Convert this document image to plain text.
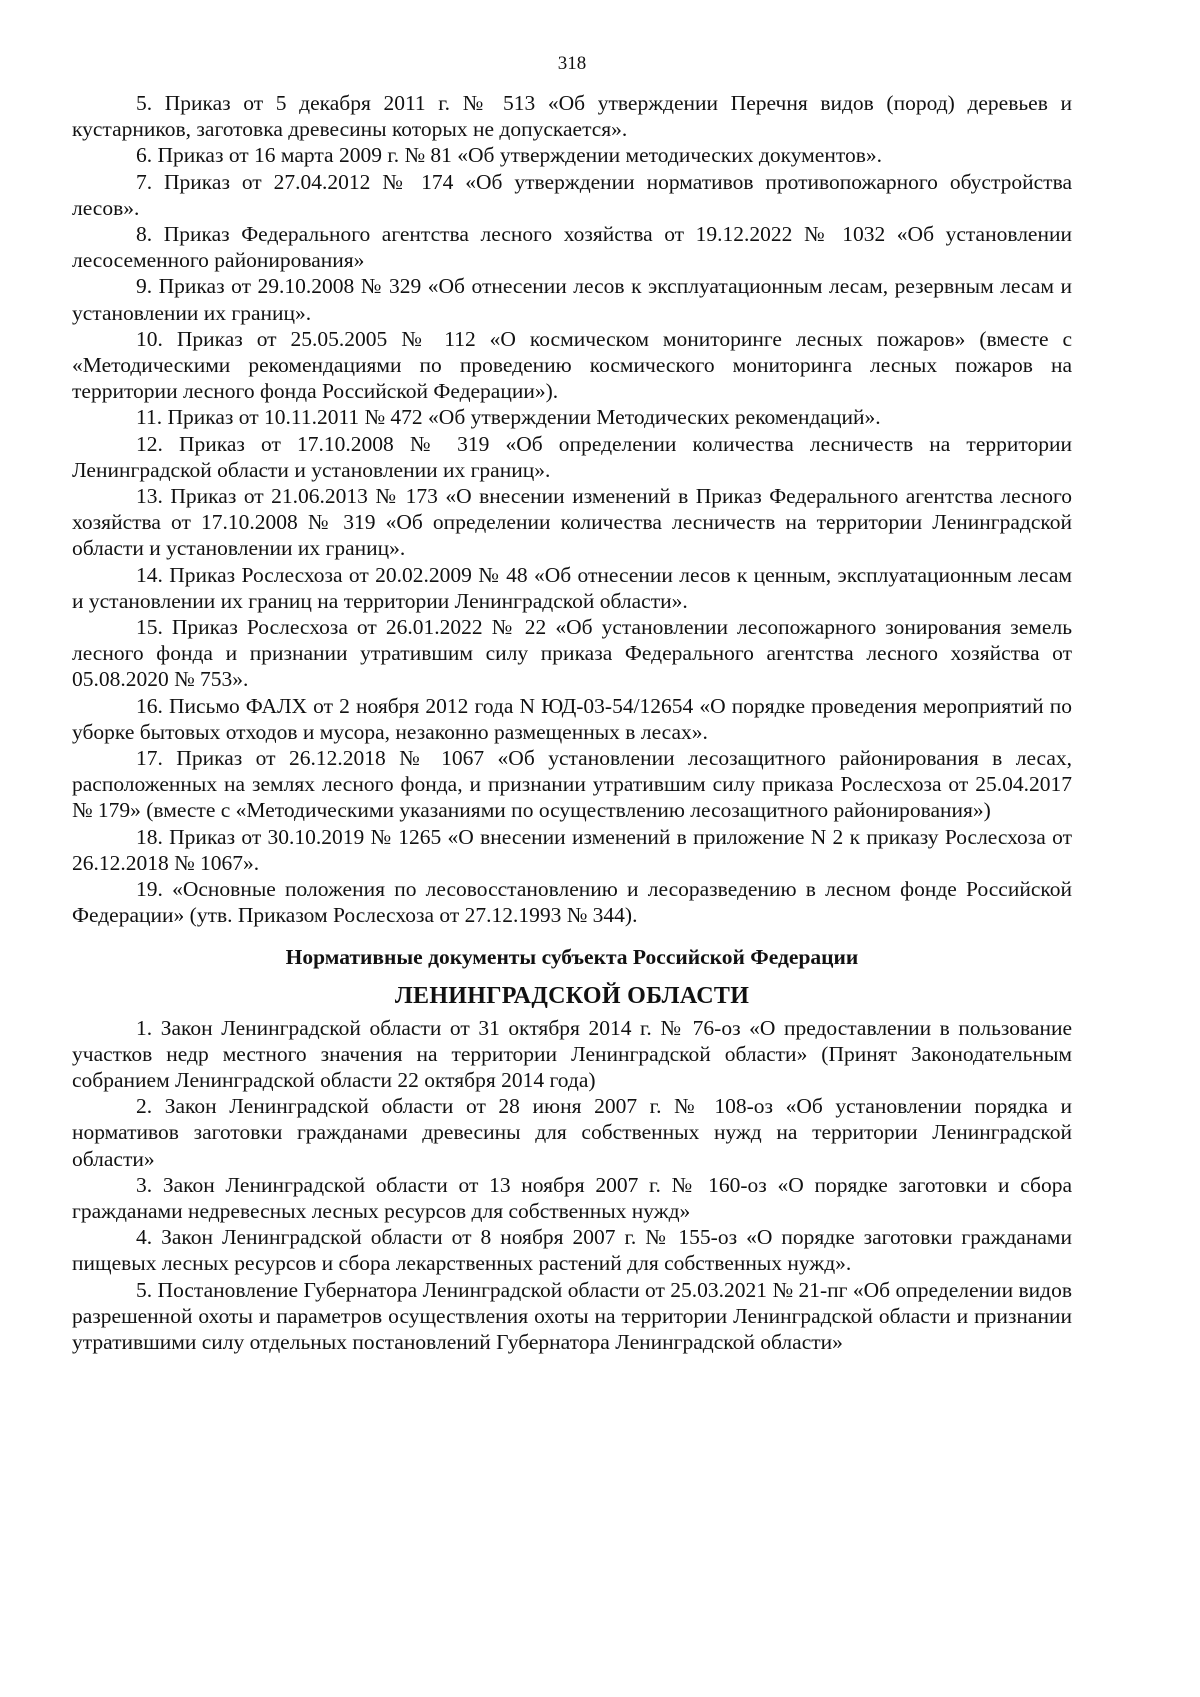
318

5. Приказ от 5 декабря 2011 г. № 513 «Об утверждении Перечня видов (пород) деревьев и кустарников, заготовка древесины которых не допускается».

6. Приказ от 16 марта 2009 г. № 81 «Об утверждении методических документов».

7. Приказ от 27.04.2012 № 174 «Об утверждении нормативов противопожарного обустройства лесов».

8. Приказ Федерального агентства лесного хозяйства от 19.12.2022 № 1032 «Об установлении лесосеменного районирования»

9. Приказ от 29.10.2008 № 329 «Об отнесении лесов к эксплуатационным лесам, резервным лесам и установлении их границ».

10. Приказ от 25.05.2005 № 112 «О космическом мониторинге лесных пожаров» (вместе с «Методическими рекомендациями по проведению космического мониторинга лесных пожаров на территории лесного фонда Российской Федерации»).

11. Приказ от 10.11.2011 № 472 «Об утверждении Методических рекомендаций».

12. Приказ от 17.10.2008 № 319 «Об определении количества лесничеств на территории Ленинградской области и установлении их границ».

13. Приказ от 21.06.2013 № 173 «О внесении изменений в Приказ Федерального агентства лесного хозяйства от 17.10.2008 № 319 «Об определении количества лесничеств на территории Ленинградской области и установлении их границ».

14. Приказ Рослесхоза от 20.02.2009 № 48 «Об отнесении лесов к ценным, эксплуатационным лесам и установлении их границ на территории Ленинградской области».

15. Приказ Рослесхоза от 26.01.2022 № 22 «Об установлении лесопожарного зонирования земель лесного фонда и признании утратившим силу приказа Федерального агентства лесного хозяйства от 05.08.2020 № 753».

16. Письмо ФАЛХ от 2 ноября 2012 года N ЮД-03-54/12654 «О порядке проведения мероприятий по уборке бытовых отходов и мусора, незаконно размещенных в лесах».

17. Приказ от 26.12.2018 № 1067 «Об установлении лесозащитного районирования в лесах, расположенных на землях лесного фонда, и признании утратившим силу приказа Рослесхоза от 25.04.2017 № 179» (вместе с «Методическими указаниями по осуществлению лесозащитного районирования»)

18. Приказ от 30.10.2019 № 1265 «О внесении изменений в приложение N 2 к приказу Рослесхоза от 26.12.2018 № 1067».

19. «Основные положения по лесовосстановлению и лесоразведению в лесном фонде Российской Федерации» (утв. Приказом Рослесхоза от 27.12.1993 № 344).

Нормативные документы субъекта Российской Федерации
ЛЕНИНГРАДСКОЙ ОБЛАСТИ

1. Закон Ленинградской области от 31 октября 2014 г. № 76-оз «О предоставлении в пользование участков недр местного значения на территории Ленинградской области» (Принят Законодательным собранием Ленинградской области 22 октября 2014 года)

2. Закон Ленинградской области от 28 июня 2007 г. № 108-оз «Об установлении порядка и нормативов заготовки гражданами древесины для собственных нужд на территории Ленинградской области»

3. Закон Ленинградской области от 13 ноября 2007 г. № 160-оз «О порядке заготовки и сбора гражданами недревесных лесных ресурсов для собственных нужд»

4. Закон Ленинградской области от 8 ноября 2007 г. № 155-оз «О порядке заготовки гражданами пищевых лесных ресурсов и сбора лекарственных растений для собственных нужд».

5. Постановление Губернатора Ленинградской области от 25.03.2021 № 21-пг «Об определении видов разрешенной охоты и параметров осуществления охоты на территории Ленинградской области и признании утратившими силу отдельных постановлений Губернатора Ленинградской области»
